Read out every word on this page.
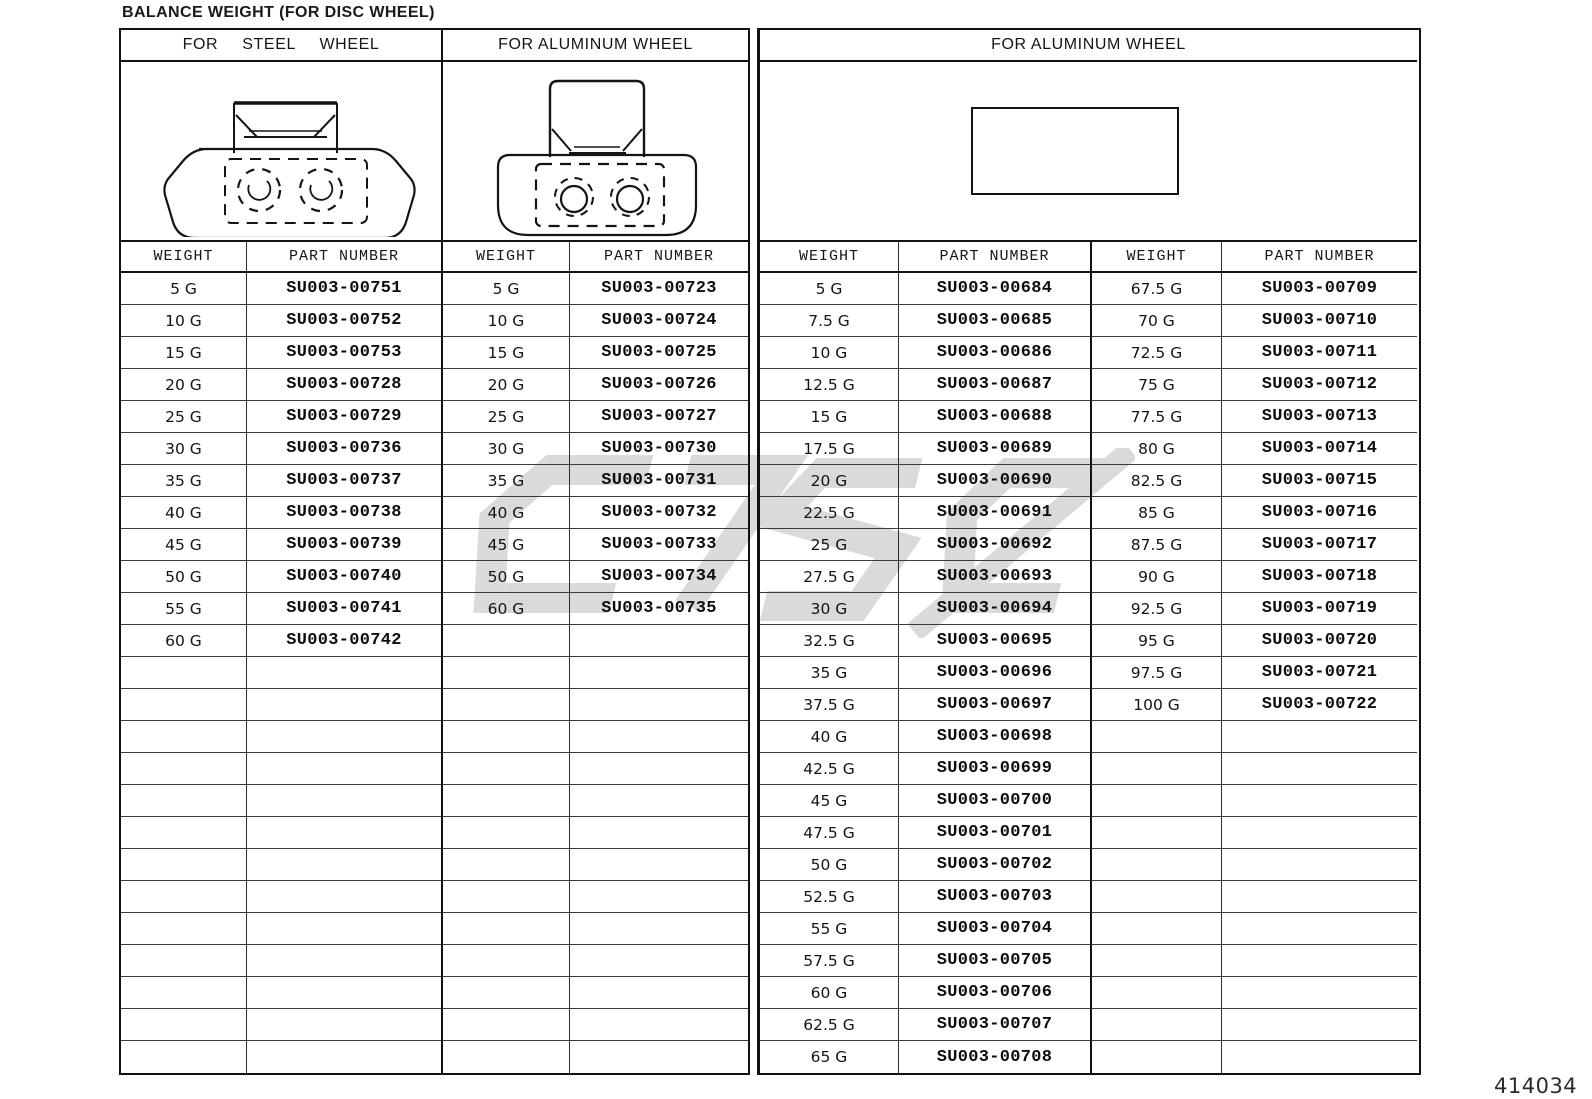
BALANCE WEIGHT (FOR DISC WHEEL)
FOR  STEEL  WHEEL	FOR ALUMINUM WHEEL
WEIGHT	PART NUMBER	WEIGHT	PART NUMBER
5 G	SU003-00751	5 G	SU003-00723
10 G	SU003-00752	10 G	SU003-00724
15 G	SU003-00753	15 G	SU003-00725
20 G	SU003-00728	20 G	SU003-00726
25 G	SU003-00729	25 G	SU003-00727
30 G	SU003-00736	30 G	SU003-00730
35 G	SU003-00737	35 G	SU003-00731
40 G	SU003-00738	40 G	SU003-00732
45 G	SU003-00739	45 G	SU003-00733
50 G	SU003-00740	50 G	SU003-00734
55 G	SU003-00741	60 G	SU003-00735
60 G	SU003-00742
FOR ALUMINUM WHEEL
WEIGHT	PART NUMBER	WEIGHT	PART NUMBER
5 G	SU003-00684	67.5 G	SU003-00709
7.5 G	SU003-00685	70 G	SU003-00710
10 G	SU003-00686	72.5 G	SU003-00711
12.5 G	SU003-00687	75 G	SU003-00712
15 G	SU003-00688	77.5 G	SU003-00713
17.5 G	SU003-00689	80 G	SU003-00714
20 G	SU003-00690	82.5 G	SU003-00715
22.5 G	SU003-00691	85 G	SU003-00716
25 G	SU003-00692	87.5 G	SU003-00717
27.5 G	SU003-00693	90 G	SU003-00718
30 G	SU003-00694	92.5 G	SU003-00719
32.5 G	SU003-00695	95 G	SU003-00720
35 G	SU003-00696	97.5 G	SU003-00721
37.5 G	SU003-00697	100 G	SU003-00722
40 G	SU003-00698
42.5 G	SU003-00699
45 G	SU003-00700
47.5 G	SU003-00701
50 G	SU003-00702
52.5 G	SU003-00703
55 G	SU003-00704
57.5 G	SU003-00705
60 G	SU003-00706
62.5 G	SU003-00707
65 G	SU003-00708
414034
